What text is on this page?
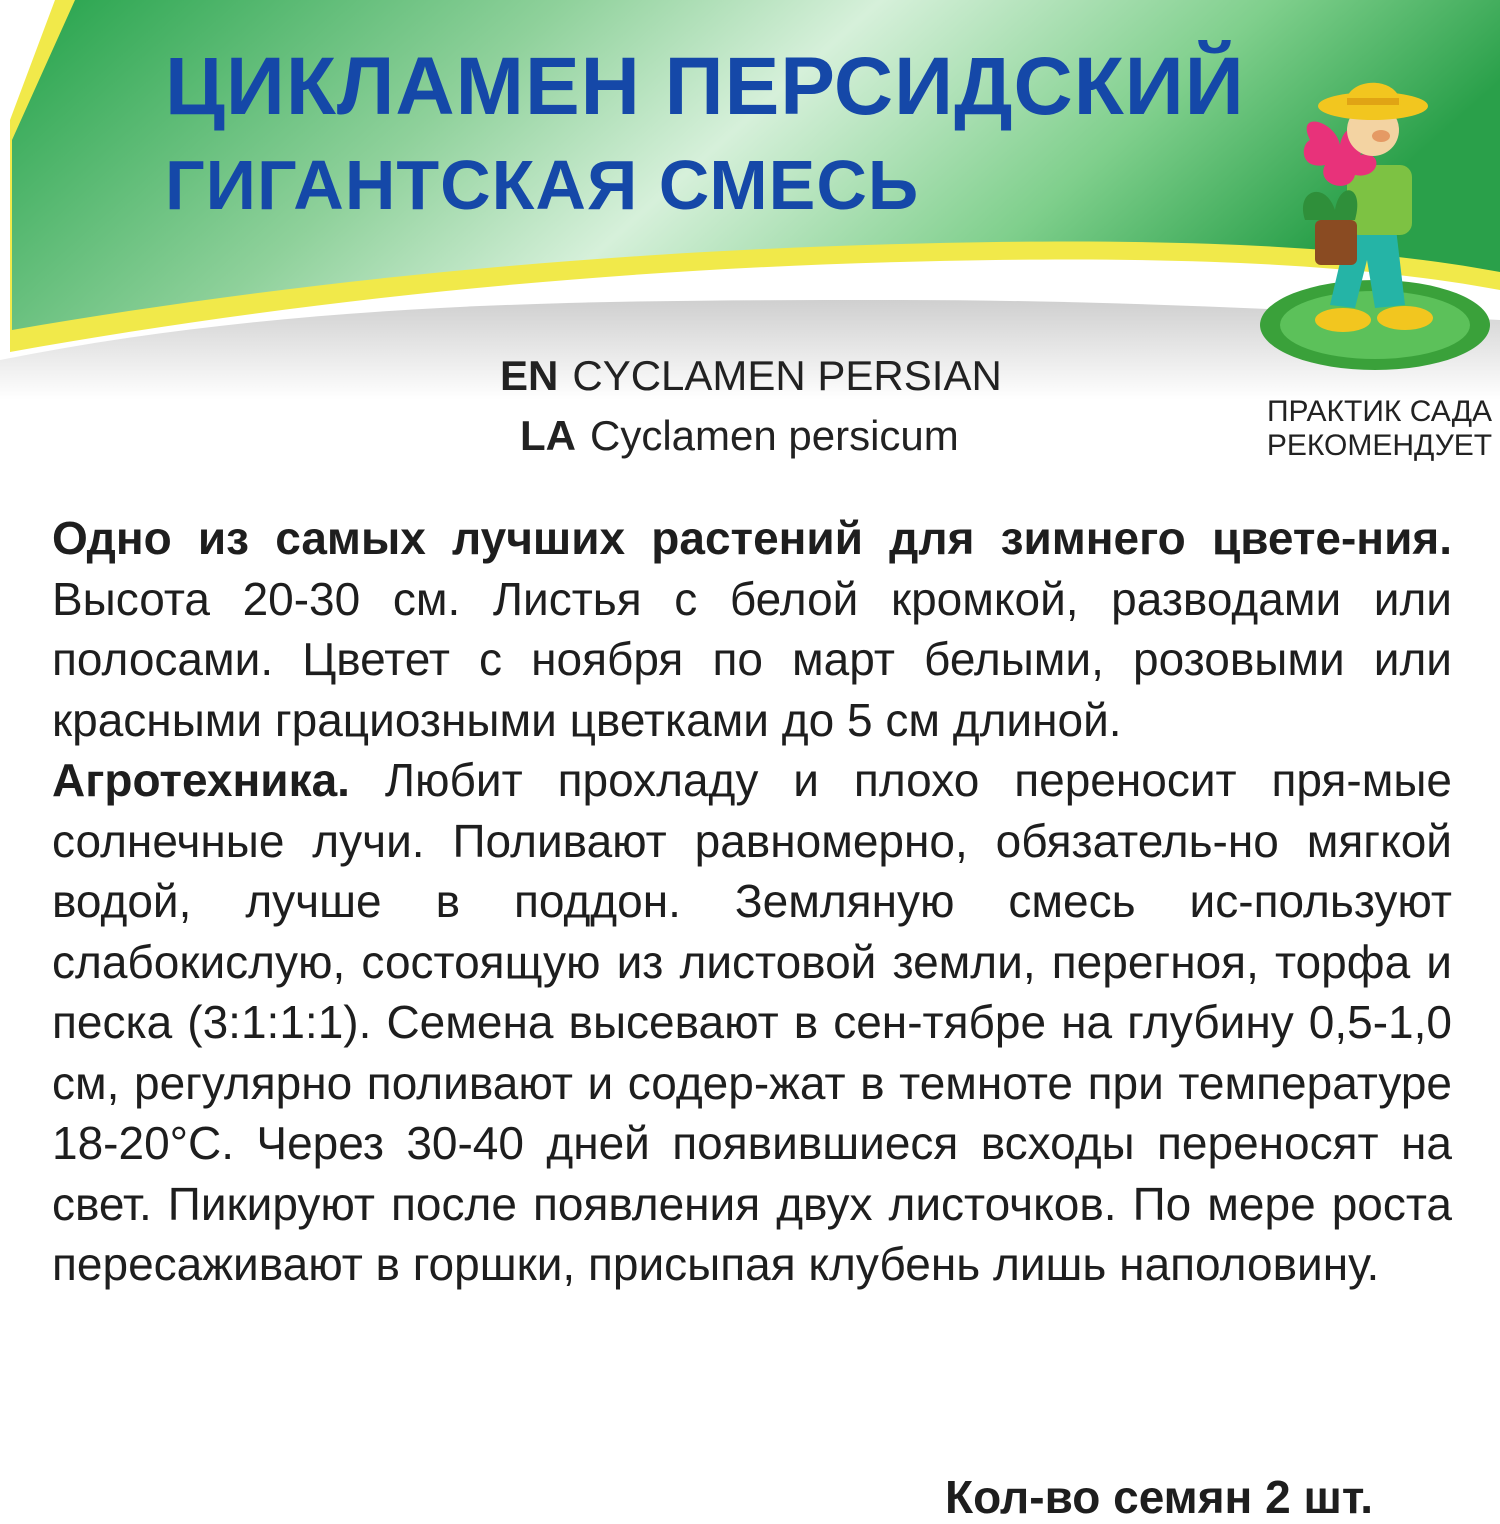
ЦИКЛАМЕН ПЕРСИДСКИЙ
ГИГАНТСКАЯ СМЕСЬ
EN CYCLAMEN PERSIAN
LA Cyclamen persicum
ПРАКТИК САДА
РЕКОМЕНДУЕТ

Одно из самых лучших растений для зимнего цвете-ния. Высота 20-30 см. Листья с белой кромкой, разводами или полосами. Цветет с ноября по март белыми, розовыми или красными грациозными цветками до 5 см длиной.
Агротехника. Любит прохладу и плохо переносит пря-мые солнечные лучи. Поливают равномерно, обязатель-но мягкой водой, лучше в поддон. Земляную смесь ис-пользуют слабокислую, состоящую из листовой земли, перегноя, торфа и песка (3:1:1:1). Семена высевают в сен-тябре на глубину 0,5-1,0 см, регулярно поливают и содер-жат в темноте при температуре 18-20°С. Через 30-40 дней появившиеся всходы переносят на свет. Пикируют после появления двух листочков. По мере роста пересаживают в горшки, присыпая клубень лишь наполовину.

Кол-во семян 2 шт.
